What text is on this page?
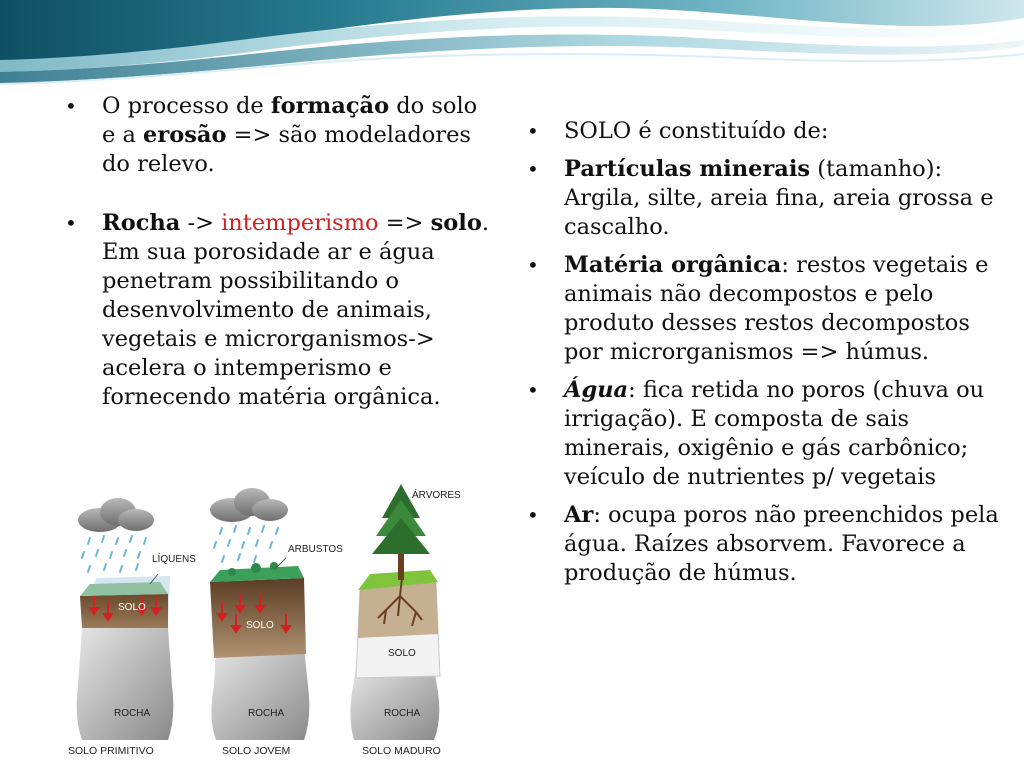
• O processo de formação do solo e a erosão => são modeladores do relevo.
• Rocha -> intemperismo => solo. Em sua porosidade ar e água penetram possibilitando o desenvolvimento de animais, vegetais e microrganismos-> acelera o intemperismo e fornecendo matéria orgânica.
• SOLO é constituído de:
• Partículas minerais (tamanho): Argila, silte, areia fina, areia grossa e cascalho.
• Matéria orgânica: restos vegetais e animais não decompostos e pelo produto desses restos decompostos por microrganismos => húmus.
• Água: fica retida no poros (chuva ou irrigação). E composta de sais minerais, oxigênio e gás carbônico; veículo de nutrientes p/ vegetais
• Ar: ocupa poros não preenchidos pela água. Raízes absorvem. Favorece a produção de húmus.
LÍQUENS
SOLO
ROCHA
SOLO PRIMITIVO
ARBUSTOS
SOLO
ROCHA
SOLO JOVEM
ÁRVORES
SOLO
ROCHA
SOLO MADURO
